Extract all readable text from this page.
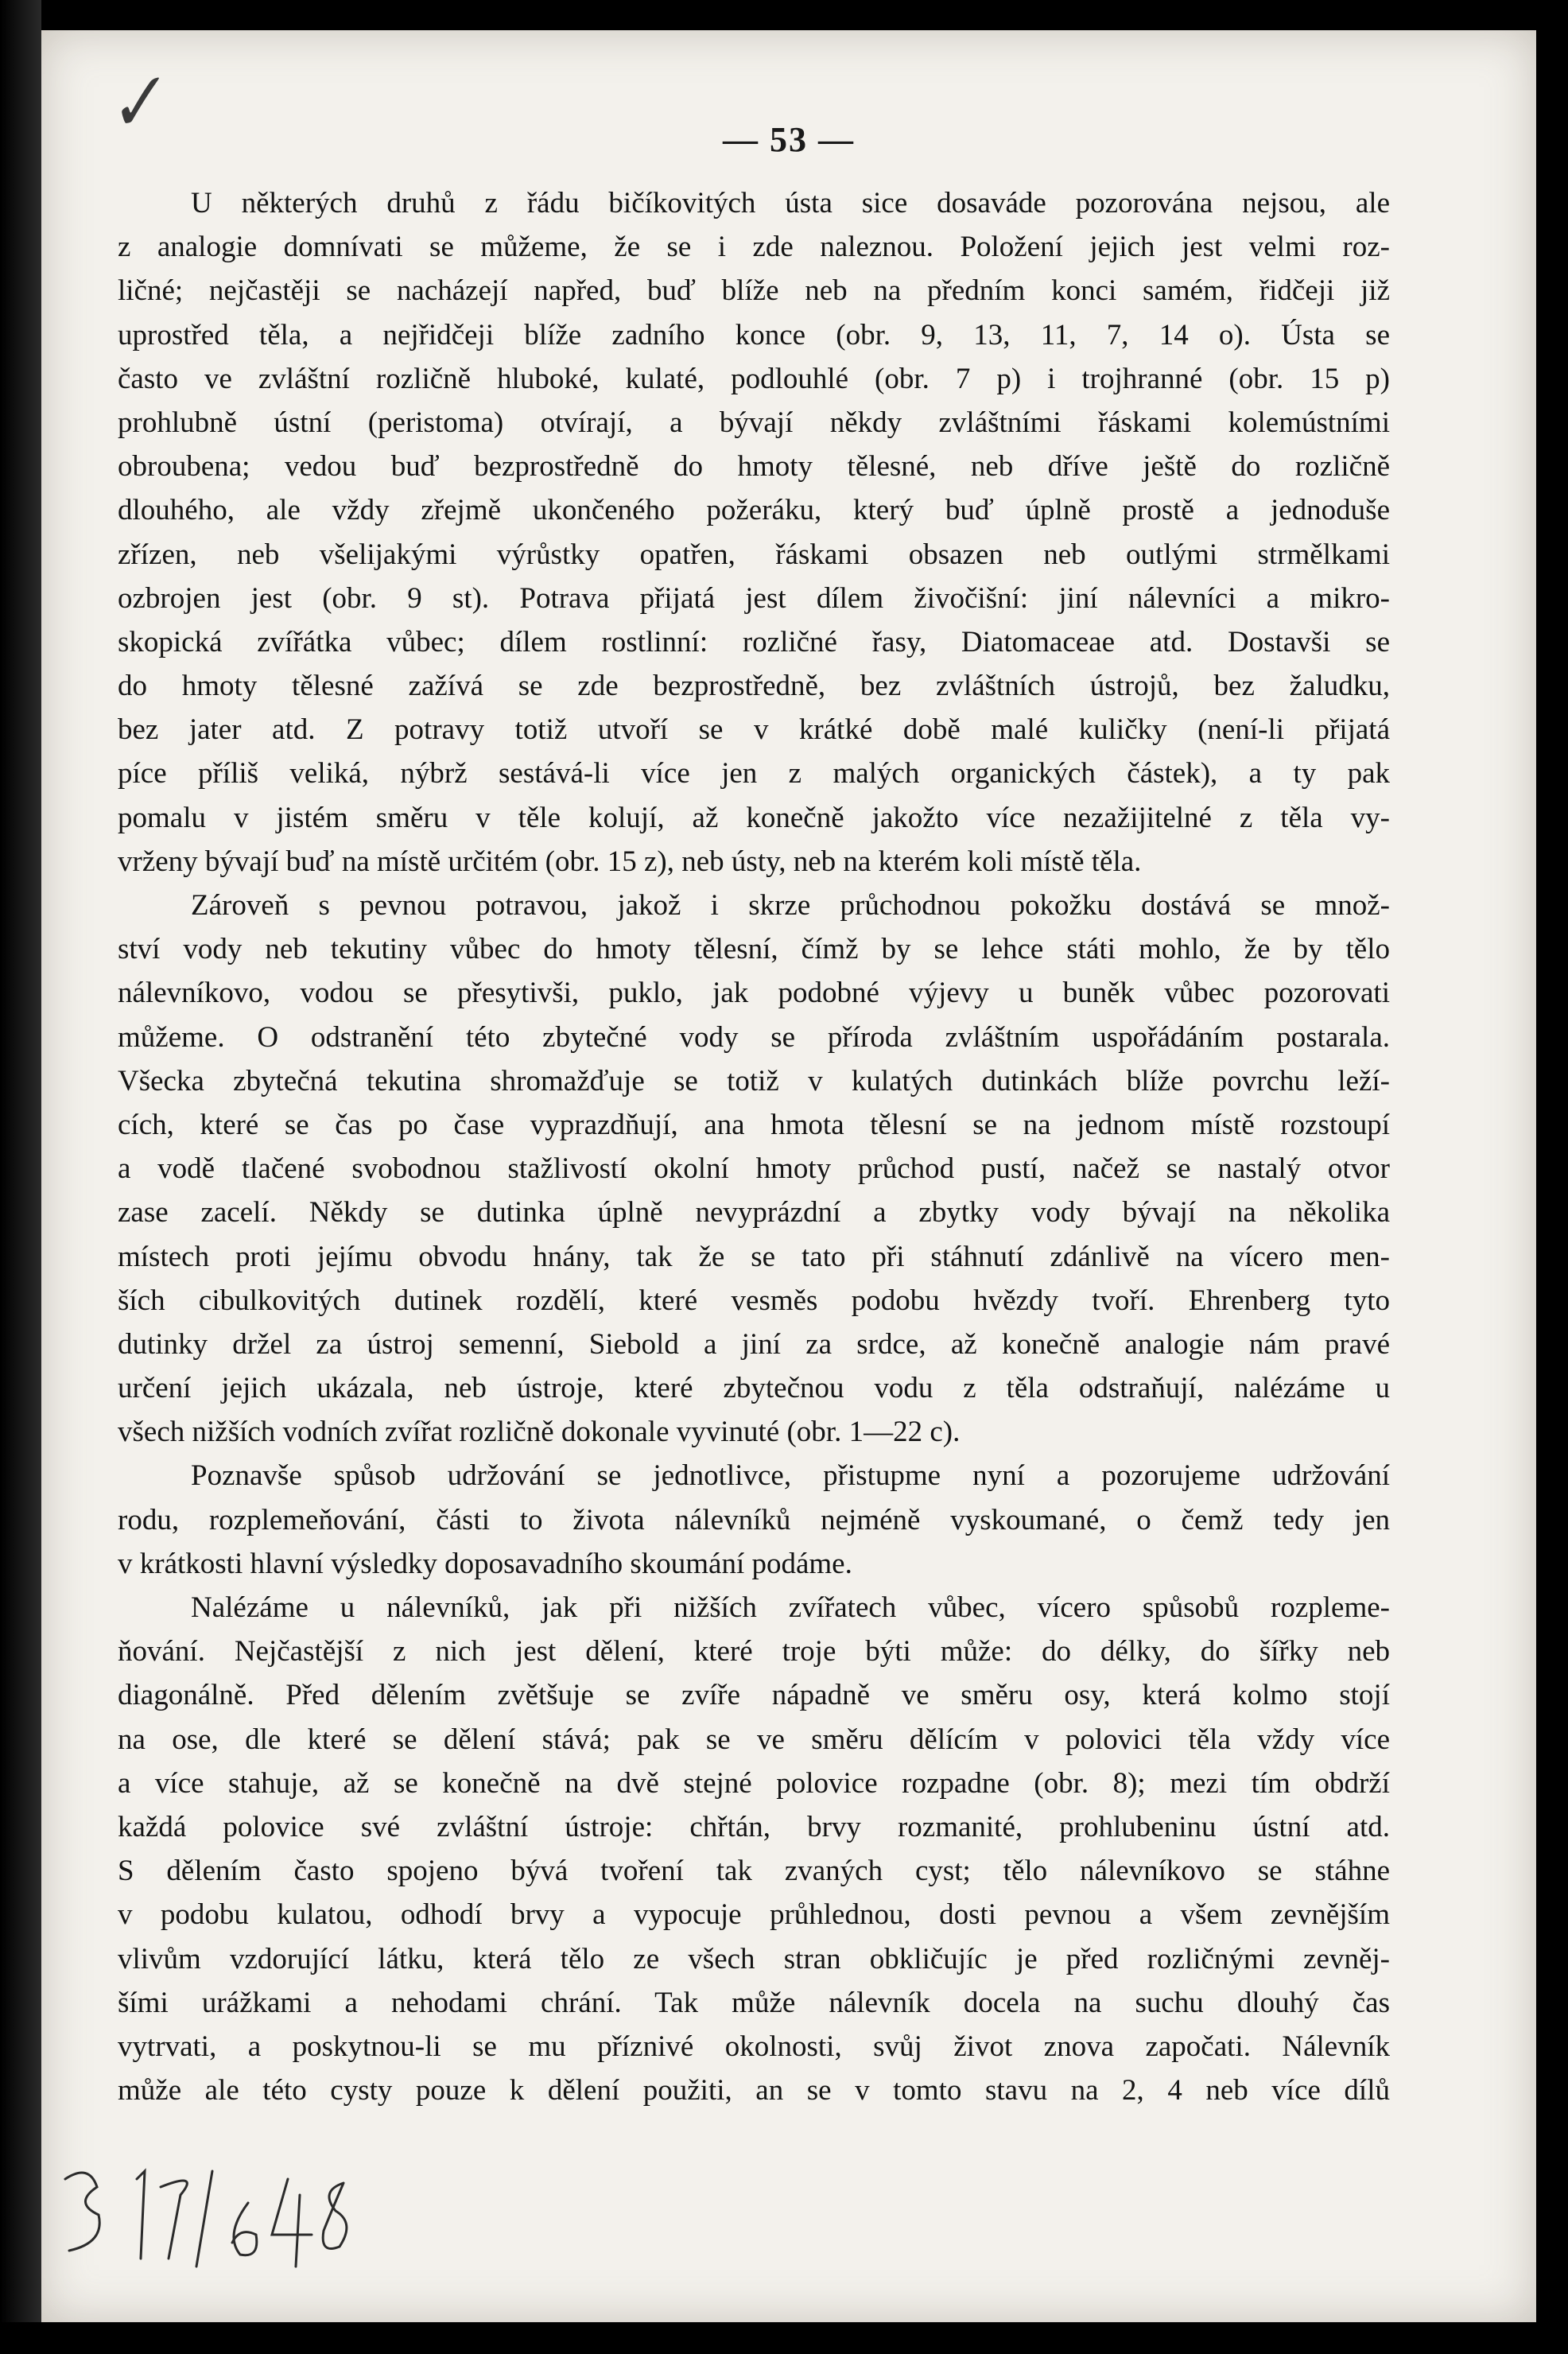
✓	— 53 —
U některých druhů z řádu bičíkovitých ústa sice dosaváde pozorována nejsou, ale
z analogie domnívati se můžeme, že se i zde naleznou. Položení jejich jest velmi roz-
ličné; nejčastěji se nacházejí napřed, buď blíže neb na předním konci samém, řidčeji již
uprostřed těla, a nejřidčeji blíže zadního konce (obr. 9, 13, 11, 7, 14 o). Ústa se
často ve zvláštní rozličně hluboké, kulaté, podlouhlé (obr. 7 p) i trojhranné (obr. 15 p)
prohlubně ústní (peristoma) otvírají, a bývají někdy zvláštními řáskami kolemústními
obroubena; vedou buď bezprostředně do hmoty tělesné, neb dříve ještě do rozličně
dlouhého, ale vždy zřejmě ukončeného požeráku, který buď úplně prostě a jednoduše
zřízen, neb všelijakými výrůstky opatřen, řáskami obsazen neb outlými strmělkami
ozbrojen jest (obr. 9 st). Potrava přijatá jest dílem živočišní: jiní nálevníci a mikro-
skopická zvířátka vůbec; dílem rostlinní: rozličné řasy, Diatomaceae atd. Dostavši se
do hmoty tělesné zažívá se zde bezprostředně, bez zvláštních ústrojů, bez žaludku,
bez jater atd. Z potravy totiž utvoří se v krátké době malé kuličky (není-li přijatá
píce příliš veliká, nýbrž sestává-li více jen z malých organických částek), a ty pak
pomalu v jistém směru v těle kolují, až konečně jakožto více nezažijitelné z těla vy-
vrženy bývají buď na místě určitém (obr. 15 z), neb ústy, neb na kterém koli místě těla.
Zároveň s pevnou potravou, jakož i skrze průchodnou pokožku dostává se množ-
ství vody neb tekutiny vůbec do hmoty tělesní, čímž by se lehce státi mohlo, že by tělo
nálevníkovo, vodou se přesytivši, puklo, jak podobné výjevy u buněk vůbec pozorovati
můžeme. O odstranění této zbytečné vody se příroda zvláštním uspořádáním postarala.
Všecka zbytečná tekutina shromažďuje se totiž v kulatých dutinkách blíže povrchu leží-
cích, které se čas po čase vyprazdňují, ana hmota tělesní se na jednom místě rozstoupí
a vodě tlačené svobodnou stažlivostí okolní hmoty průchod pustí, načež se nastalý otvor
zase zacelí. Někdy se dutinka úplně nevyprázdní a zbytky vody bývají na několika
místech proti jejímu obvodu hnány, tak že se tato při stáhnutí zdánlivě na vícero men-
ších cibulkovitých dutinek rozdělí, které vesměs podobu hvězdy tvoří. Ehrenberg tyto
dutinky držel za ústroj semenní, Siebold a jiní za srdce, až konečně analogie nám pravé
určení jejich ukázala, neb ústroje, které zbytečnou vodu z těla odstraňují, nalézáme u
všech nižších vodních zvířat rozličně dokonale vyvinuté (obr. 1—22 c).
Poznavše spůsob udržování se jednotlivce, přistupme nyní a pozorujeme udržování
rodu, rozplemeňování, části to života nálevníků nejméně vyskoumané, o čemž tedy jen
v krátkosti hlavní výsledky doposavadního skoumání podáme.
Nalézáme u nálevníků, jak při nižších zvířatech vůbec, vícero spůsobů rozpleme-
ňování. Nejčastější z nich jest dělení, které troje býti může: do délky, do šířky neb
diagonálně. Před dělením zvětšuje se zvíře nápadně ve směru osy, která kolmo stojí
na ose, dle které se dělení stává; pak se ve směru dělícím v polovici těla vždy více
a více stahuje, až se konečně na dvě stejné polovice rozpadne (obr. 8); mezi tím obdrží
každá polovice své zvláštní ústroje: chřtán, brvy rozmanité, prohlubeninu ústní atd.
S dělením často spojeno bývá tvoření tak zvaných cyst; tělo nálevníkovo se stáhne
v podobu kulatou, odhodí brvy a vypocuje průhlednou, dosti pevnou a všem zevnějším
vlivům vzdorující látku, která tělo ze všech stran obkličujíc je před rozličnými zevněj-
šími urážkami a nehodami chrání. Tak může nálevník docela na suchu dlouhý čas
vytrvati, a poskytnou-li se mu příznivé okolnosti, svůj život znova započati. Nálevník
může ale této cysty pouze k dělení použiti, an se v tomto stavu na 2, 4 neb více dílů
